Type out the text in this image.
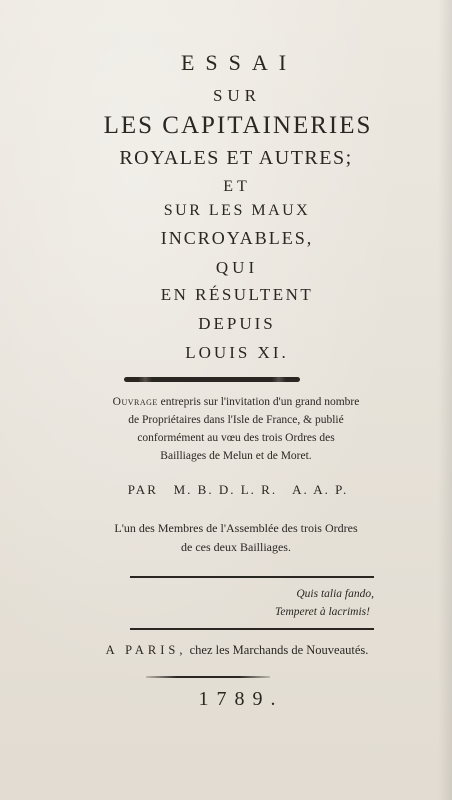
ESSAI
SUR
LES CAPITAINERIES
ROYALES ET AUTRES;
ET
SUR LES MAUX
INCROYABLES,
QUI
EN RÉSULTENT
DEPUIS
LOUIS XI.
Ouvrage entrepris sur l'invitation d'un grand nombre
de Propriétaires dans l'Isle de France, & publié
conformément au vœu des trois Ordres des
Bailliages de Melun et de Moret.
PAR   M. B. D. L. R.   A. A. P.
L'un des Membres de l'Assemblée des trois Ordres
de ces deux Bailliages.
Quis talia fando,
Temperet à lacrimis!
A PARIS, chez les Marchands de Nouveautés.
1789.
